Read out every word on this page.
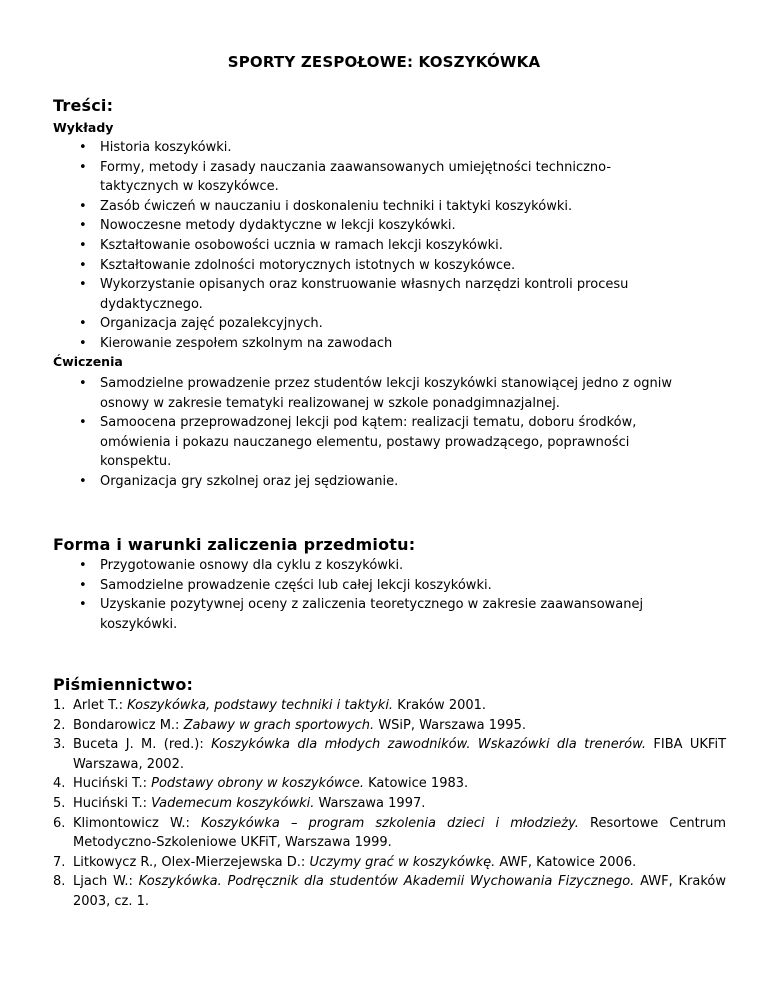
SPORTY ZESPOŁOWE: KOSZYKÓWKA
Treści:
Wykłady
• Historia koszykówki.
• Formy, metody i zasady nauczania zaawansowanych umiejętności techniczno-taktycznych w koszykówce.
• Zasób ćwiczeń w nauczaniu i doskonaleniu techniki i taktyki koszykówki.
• Nowoczesne metody dydaktyczne w lekcji koszykówki.
• Kształtowanie osobowości ucznia w ramach lekcji koszykówki.
• Kształtowanie zdolności motorycznych istotnych w koszykówce.
• Wykorzystanie opisanych oraz konstruowanie własnych narzędzi kontroli procesu dydaktycznego.
• Organizacja zajęć pozalekcyjnych.
• Kierowanie zespołem szkolnym na zawodach
Ćwiczenia
• Samodzielne prowadzenie przez studentów lekcji koszykówki stanowiącej jedno z ogniw osnowy w zakresie tematyki realizowanej w szkole ponadgimnazjalnej.
• Samoocena przeprowadzonej lekcji pod kątem: realizacji tematu, doboru środków, omówienia i pokazu nauczanego elementu, postawy prowadzącego, poprawności konspektu.
• Organizacja gry szkolnej oraz jej sędziowanie.
Forma i warunki zaliczenia przedmiotu:
• Przygotowanie osnowy dla cyklu z koszykówki.
• Samodzielne prowadzenie części lub całej lekcji koszykówki.
• Uzyskanie pozytywnej oceny z zaliczenia teoretycznego w zakresie zaawansowanej koszykówki.
Piśmiennictwo:
1. Arlet T.: Koszykówka, podstawy techniki i taktyki. Kraków 2001.
2. Bondarowicz M.: Zabawy w grach sportowych. WSiP, Warszawa 1995.
3. Buceta J. M. (red.): Koszykówka dla młodych zawodników. Wskazówki dla trenerów. FIBA UKFiT Warszawa, 2002.
4. Huciński T.: Podstawy obrony w koszykówce. Katowice 1983.
5. Huciński T.: Vademecum koszykówki. Warszawa 1997.
6. Klimontowicz W.: Koszykówka – program szkolenia dzieci i młodzieży. Resortowe Centrum Metodyczno-Szkoleniowe UKFiT, Warszawa 1999.
7. Litkowycz R., Olex-Mierzejewska D.: Uczymy grać w koszykówkę. AWF, Katowice 2006.
8. Ljach W.: Koszykówka. Podręcznik dla studentów Akademii Wychowania Fizycznego. AWF, Kraków 2003, cz. 1.
